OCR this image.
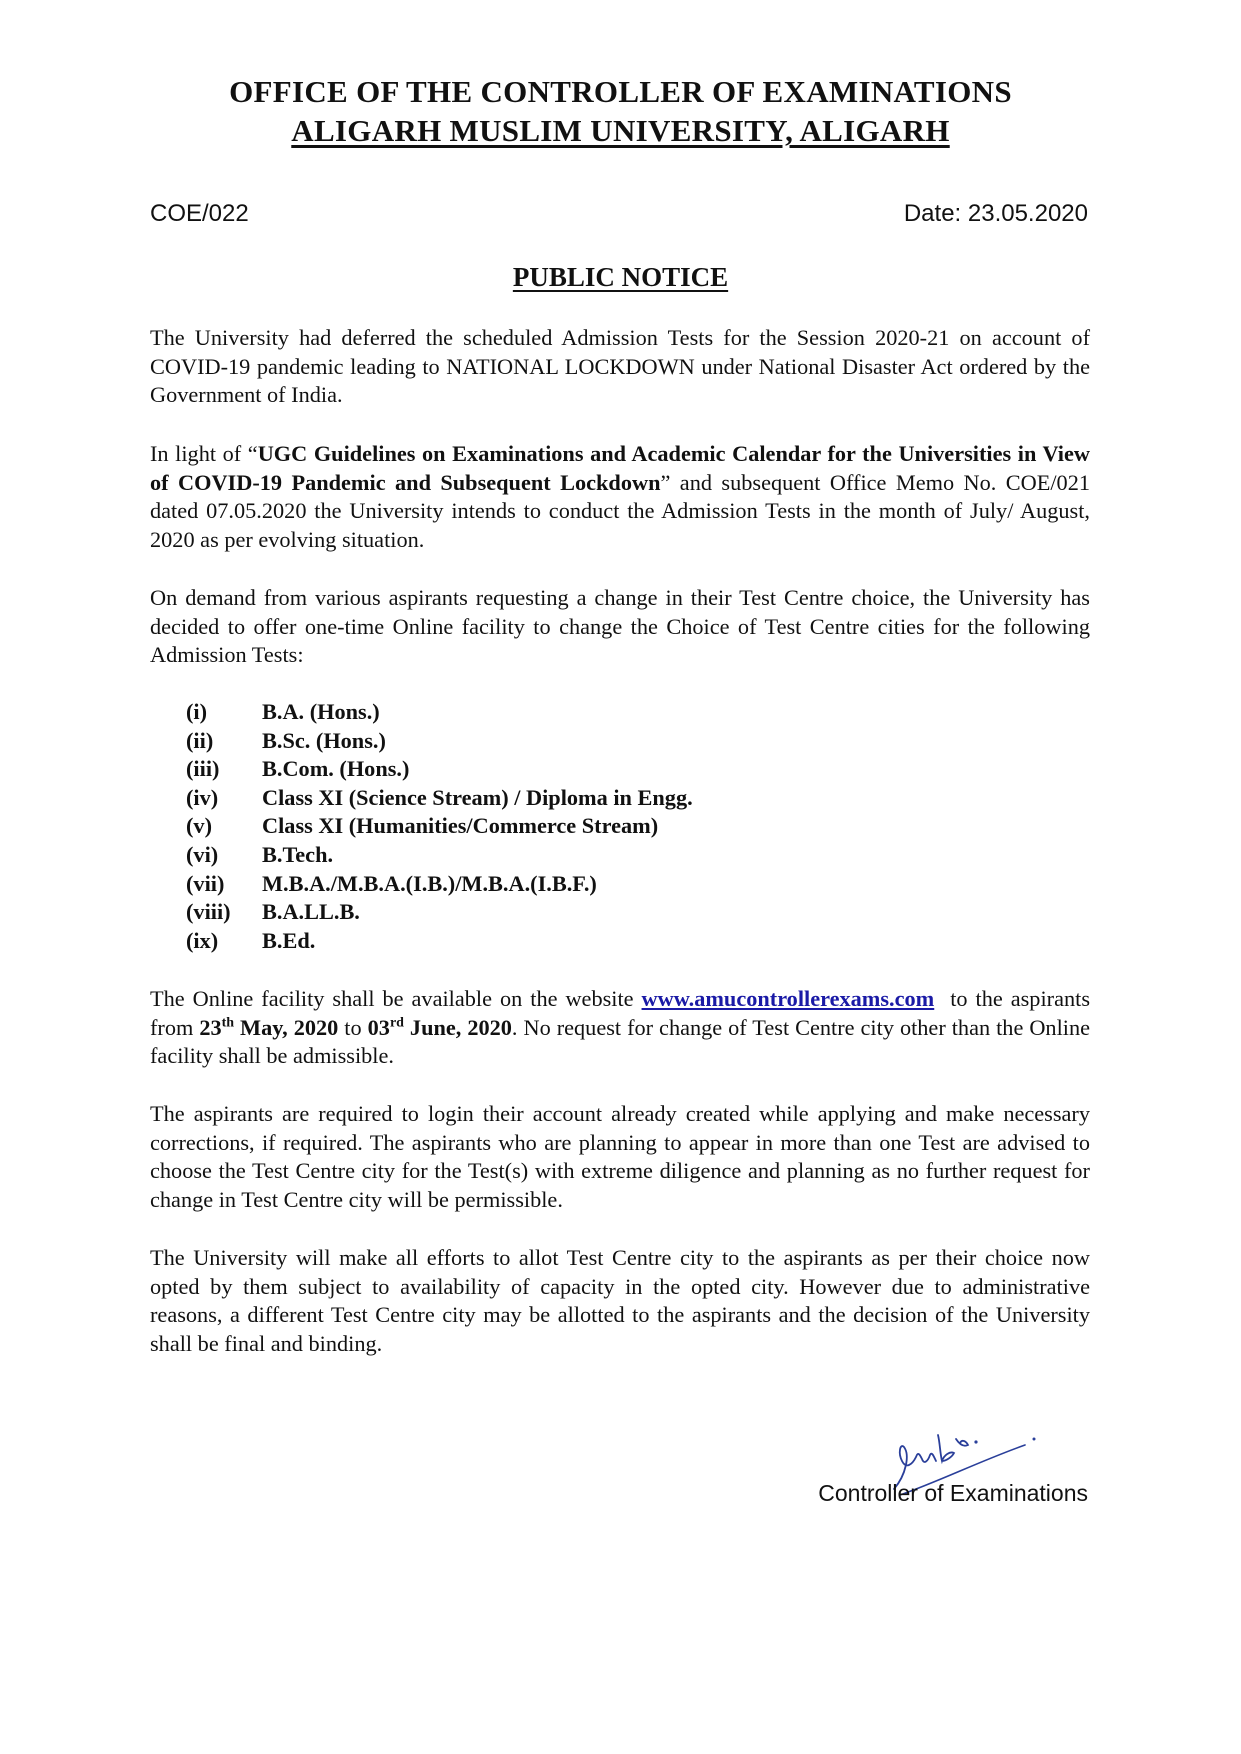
OFFICE OF THE CONTROLLER OF EXAMINATIONS
ALIGARH MUSLIM UNIVERSITY, ALIGARH
COE/022	Date: 23.05.2020
PUBLIC NOTICE

The University had deferred the scheduled Admission Tests for the Session 2020-21 on account of COVID-19 pandemic leading to NATIONAL LOCKDOWN under National Disaster Act ordered by the Government of India.

In light of “UGC Guidelines on Examinations and Academic Calendar for the Universities in View of COVID-19 Pandemic and Subsequent Lockdown” and subsequent Office Memo No. COE/021 dated 07.05.2020 the University intends to conduct the Admission Tests in the month of July/ August, 2020 as per evolving situation.

On demand from various aspirants requesting a change in their Test Centre choice, the University has decided to offer one-time Online facility to change the Choice of Test Centre cities for the following Admission Tests:

(i) B.A. (Hons.)
(ii) B.Sc. (Hons.)
(iii) B.Com. (Hons.)
(iv) Class XI (Science Stream) / Diploma in Engg.
(v) Class XI (Humanities/Commerce Stream)
(vi) B.Tech.
(vii) M.B.A./M.B.A.(I.B.)/M.B.A.(I.B.F.)
(viii) B.A.LL.B.
(ix) B.Ed.

The Online facility shall be available on the website www.amucontrollerexams.com  to the aspirants from 23th May, 2020 to 03rd June, 2020. No request for change of Test Centre city other than the Online facility shall be admissible.

The aspirants are required to login their account already created while applying and make necessary corrections, if required. The aspirants who are planning to appear in more than one Test are advised to choose the Test Centre city for the Test(s) with extreme diligence and planning as no further request for change in Test Centre city will be permissible.

The University will make all efforts to allot Test Centre city to the aspirants as per their choice now opted by them subject to availability of capacity in the opted city. However due to administrative reasons, a different Test Centre city may be allotted to the aspirants and the decision of the University shall be final and binding.

Controller of Examinations
